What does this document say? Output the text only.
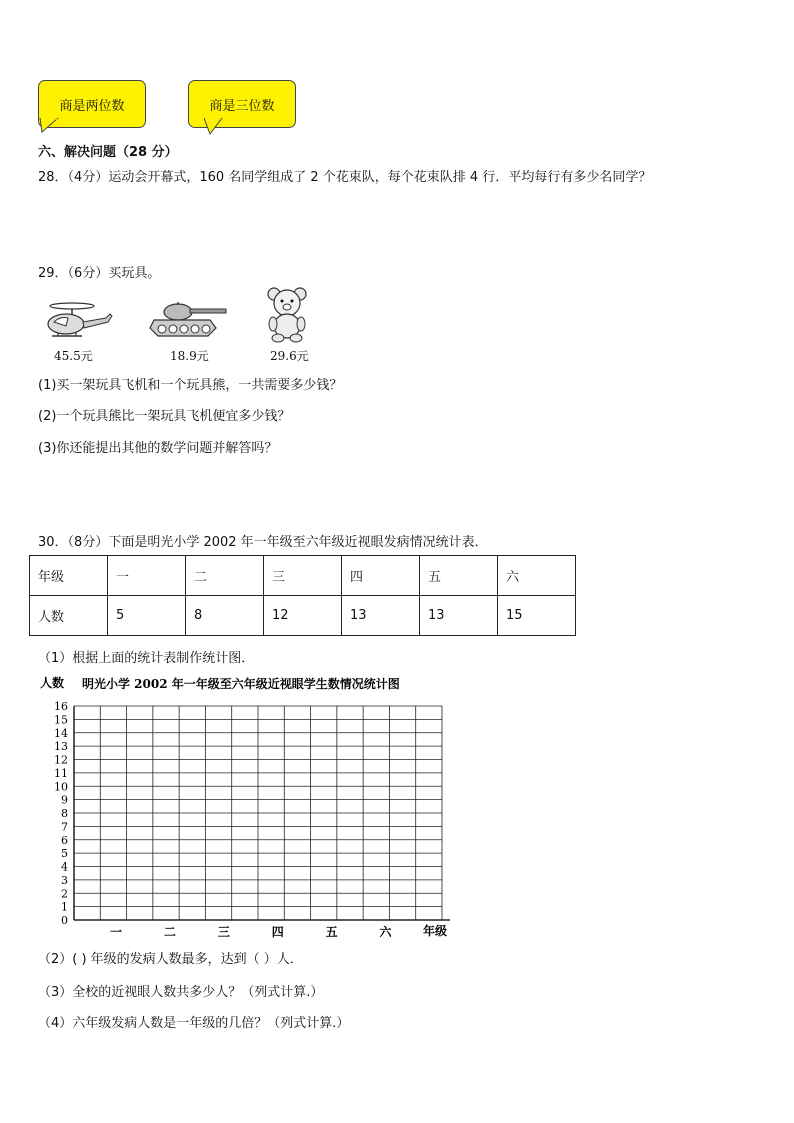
商是两位数	商是三位数
六、解决问题（28 分）
28．（4分）运动会开幕式，160 名同学组成了 2 个花束队，每个花束队排 4 行．平均每行有多少名同学？
29．（6分）买玩具。
45.5元	18.9元	29.6元
(1)买一架玩具飞机和一个玩具熊，一共需要多少钱？
(2)一个玩具熊比一架玩具飞机便宜多少钱？
(3)你还能提出其他的数学问题并解答吗？
30．（8分）下面是明光小学 2002 年一年级至六年级近视眼发病情况统计表．
年级	一	二	三	四	五	六
人数	5	8	12	13	13	15
（1）根据上面的统计表制作统计图．
人数 明光小学 2002 年一年级至六年级近视眼学生数情况统计图
0
1
2
3
4
5
6
7
8
9
10
11
12
13
14
15
16
一	二	三	四	五	六	年级
（2）( ) 年级的发病人数最多，达到（ ）人．
（3）全校的近视眼人数共多少人？（列式计算.）
（4）六年级发病人数是一年级的几倍？（列式计算.）
